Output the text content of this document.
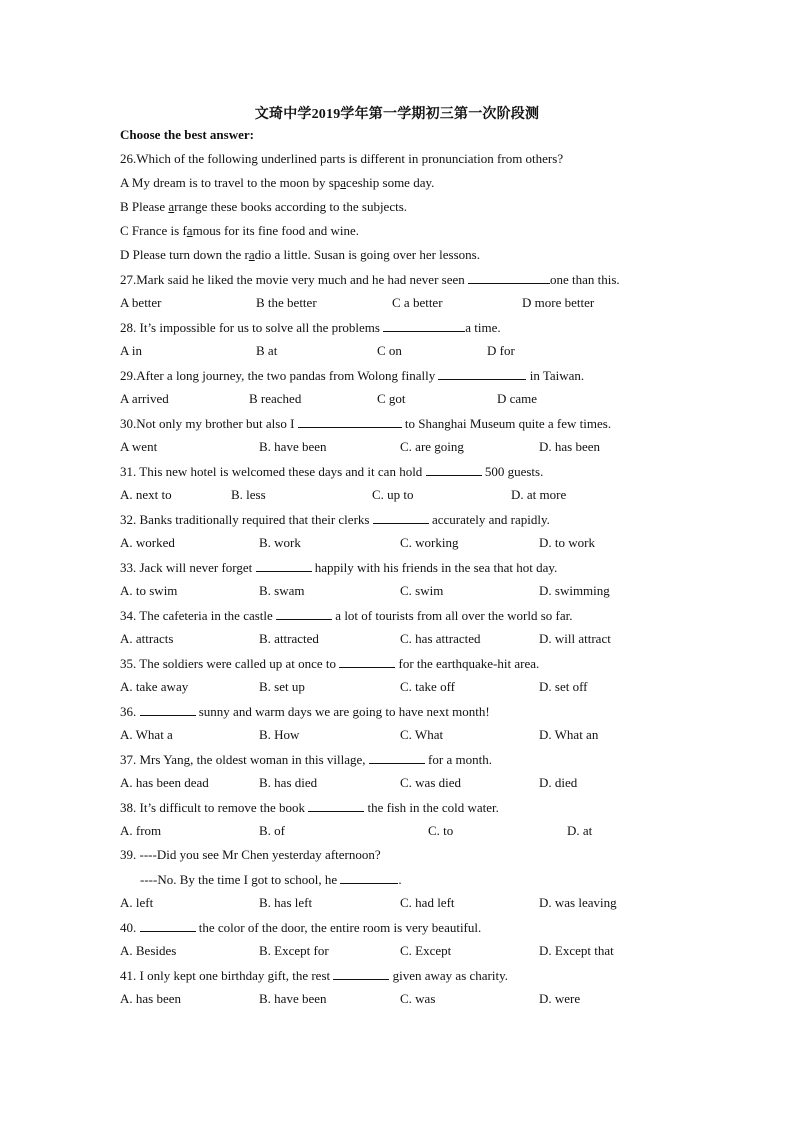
文琦中学2019学年第一学期初三第一次阶段测
Choose the best answer:
26.Which of the following underlined parts is different in pronunciation from others?
A My dream is to travel to the moon by spaceship some day.
B Please arrange these books according to the subjects.
C France is famous for its fine food and wine.
D Please turn down the radio a little. Susan is going over her lessons.
27.Mark said he liked the movie very much and he had never seen	one than this.
A better	B the better	C a better	D more better
28. It’s impossible for us to solve all the problems	a time.
A in	B at	C on	D for
29.After a long journey, the two pandas from Wolong finally	in Taiwan.
A arrived	B reached	C got	D came
30.Not only my brother but also I	to Shanghai Museum quite a few times.
A went	B. have been	C. are going	D. has been
31. This new hotel is welcomed these days and it can hold	500 guests.
A. next to	B. less	C. up to	D. at more
32. Banks traditionally required that their clerks	accurately and rapidly.
A. worked	B. work	C. working	D. to work
33. Jack will never forget	happily with his friends in the sea that hot day.
A. to swim	B. swam	C. swim	D. swimming
34. The cafeteria in the castle	a lot of tourists from all over the world so far.
A. attracts	B. attracted	C. has attracted	D. will attract
35. The soldiers were called up at once to	for the earthquake-hit area.
A. take away	B. set up	C. take off	D. set off
36.	sunny and warm days we are going to have next month!
A. What a	B. How	C. What	D. What an
37. Mrs Yang, the oldest woman in this village,	for a month.
A. has been dead	B. has died	C. was died	D. died
38. It’s difficult to remove the book	the fish in the cold water.
A. from	B. of	C. to	D. at
39. ----Did you see Mr Chen yesterday afternoon?
----No. By the time I got to school, he	.
A. left	B. has left	C. had left	D. was leaving
40.	the color of the door, the entire room is very beautiful.
A. Besides	B. Except for	C. Except	D. Except that
41. I only kept one birthday gift, the rest	given away as charity.
A. has been	B. have been	C. was	D. were
